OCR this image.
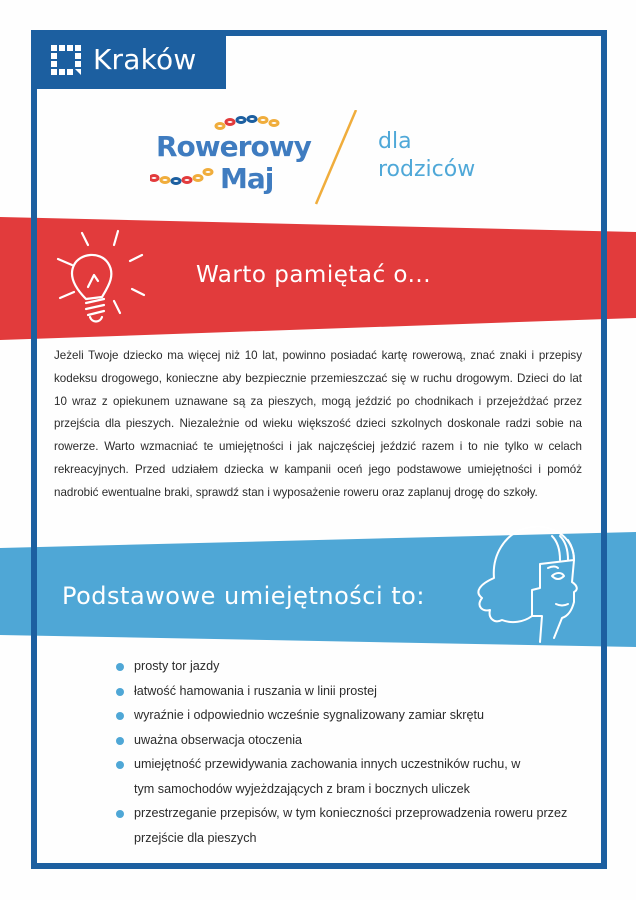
Kraków
Rowerowy
Maj
dla
rodziców
Warto pamiętać o...
Jeżeli Twoje dziecko ma więcej niż 10 lat, powinno posiadać kartę rowerową, znać znaki i przepisy kodeksu drogowego, konieczne aby bezpiecznie przemieszczać się w ruchu drogowym. Dzieci do lat 10 wraz z opiekunem uznawane są za pieszych, mogą jeździć po chodnikach i przejeżdżać przez przejścia dla pieszych. Niezależnie od wieku większość dzieci szkolnych doskonale radzi sobie na rowerze. Warto wzmacniać te umiejętności i jak najczęściej jeździć razem i to nie tylko w celach rekreacyjnych. Przed udziałem dziecka w kampanii oceń jego podstawowe umiejętności i pomóż nadrobić ewentualne braki, sprawdź stan i wyposażenie roweru oraz zaplanuj drogę do szkoły.
Podstawowe umiejętności to:
prosty tor jazdy
łatwość hamowania i ruszania w linii prostej
wyraźnie i odpowiednio wcześnie sygnalizowany zamiar skrętu
uważna obserwacja otoczenia
umiejętność przewidywania zachowania innych uczestników ruchu, w tym samochodów wyjeżdzających z bram i bocznych uliczek
przestrzeganie przepisów, w tym konieczności przeprowadzenia roweru przez przejście dla pieszych
